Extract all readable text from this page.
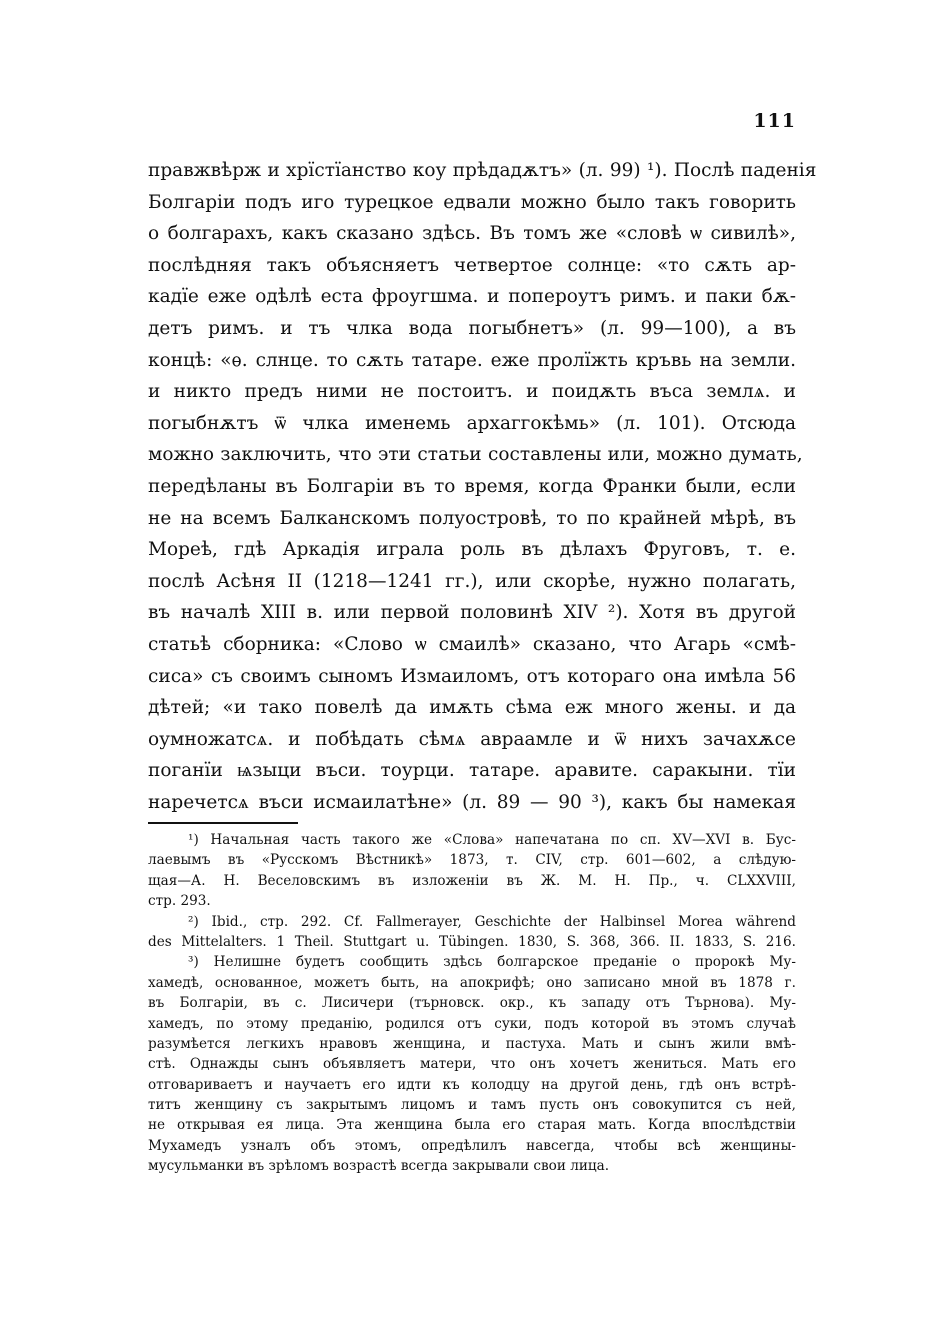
111
правжвѣрж и хрїстїанство коу прѣдадѫтъ» (л. 99) ¹). Послѣ паденія
Болгаріи подъ иго турецкое едвали можно было такъ говорить
о болгарахъ, какъ сказано здѣсь. Въ томъ же «словѣ ѡ сивилѣ»,
послѣдняя такъ объясняетъ четвертое солнце: «то сѫть ар-
кадїе еже одѣлѣ еста фроугшма. и попероутъ римъ. и паки бѫ-
детъ римъ. и тъ члка вода погыбнетъ» (л. 99—100), а въ
концѣ: «ѳ. слнце. то сѫть татаре. еже пролїжть кръвь на земли.
и никто предъ ними не постоитъ. и поидѫть въса землѧ. и
погыбнѫтъ ѿ члка именемь архаггокѣмь» (л. 101). Отсюда
можно заключить, что эти статьи составлены или, можно думать,
передѣланы въ Болгаріи въ то время, когда Франки были, если
не на всемъ Балканскомъ полуостровѣ, то по крайней мѣрѣ, въ
Мореѣ, гдѣ Аркадія играла роль въ дѣлахъ Фруговъ, т. е.
послѣ Асѣня II (1218—1241 гг.), или скорѣе, нужно полагать,
въ началѣ XIII в. или первой половинѣ XIV ²). Хотя въ другой
статьѣ сборника: «Слово ѡ смаилѣ» сказано, что Агарь «смѣ-
сиса» съ своимъ сыномъ Измаиломъ, отъ котораго она имѣла 56
дѣтей; «и тако повелѣ да имѫть сѣма еж много жены. и да
оумножатсѧ. и побѣдать сѣмѧ авраамле и ѿ нихъ зачахѫсе
поганїи ѩзыци въси. тоурци. татаре. аравите. саракыни. тїи
наречетсѧ въси исмаилатѣне» (л. 89 — 90 ³), какъ бы намекая
¹) Начальная часть такого же «Слова» напечатана по сп. XV—XVI в. Бус-
лаевымъ въ «Русскомъ Вѣстникѣ» 1873, т. CIV, стр. 601—602, а слѣдую-
щая—А. Н. Веселовскимъ въ изложеніи въ Ж. М. Н. Пр., ч. CLXXVIII,
стр. 293.
²) Ibid., стр. 292. Cf. Fallmerayer, Geschichte der Halbinsel Morea während
des Mittelalters. 1 Theil. Stuttgart u. Tübingen. 1830, S. 368, 366. II. 1833, S. 216.
³) Нелишне будетъ сообщить здѣсь болгарское преданіе о пророкѣ Му-
хамедѣ, основанное, можетъ быть, на апокрифѣ; оно записано мной въ 1878 г.
въ Болгаріи, въ с. Лисичери (търновск. окр., къ западу отъ Търнова). Му-
хамедъ, по этому преданію, родился отъ суки, подъ которой въ этомъ случаѣ
разумѣется легкихъ нравовъ женщина, и пастуха. Мать и сынъ жили вмѣ-
стѣ. Однажды сынъ объявляетъ матери, что онъ хочетъ жениться. Мать его
отговариваетъ и научаетъ его идти къ колодцу на другой день, гдѣ онъ встрѣ-
титъ женщину съ закрытымъ лицомъ и тамъ пусть онъ совокупится съ ней,
не открывая ея лица. Эта женщина была его старая мать. Когда впослѣдствіи
Мухамедъ узналъ объ этомъ, опредѣлилъ навсегда, чтобы всѣ женщины-
мусульманки въ зрѣломъ возрастѣ всегда закрывали свои лица.
